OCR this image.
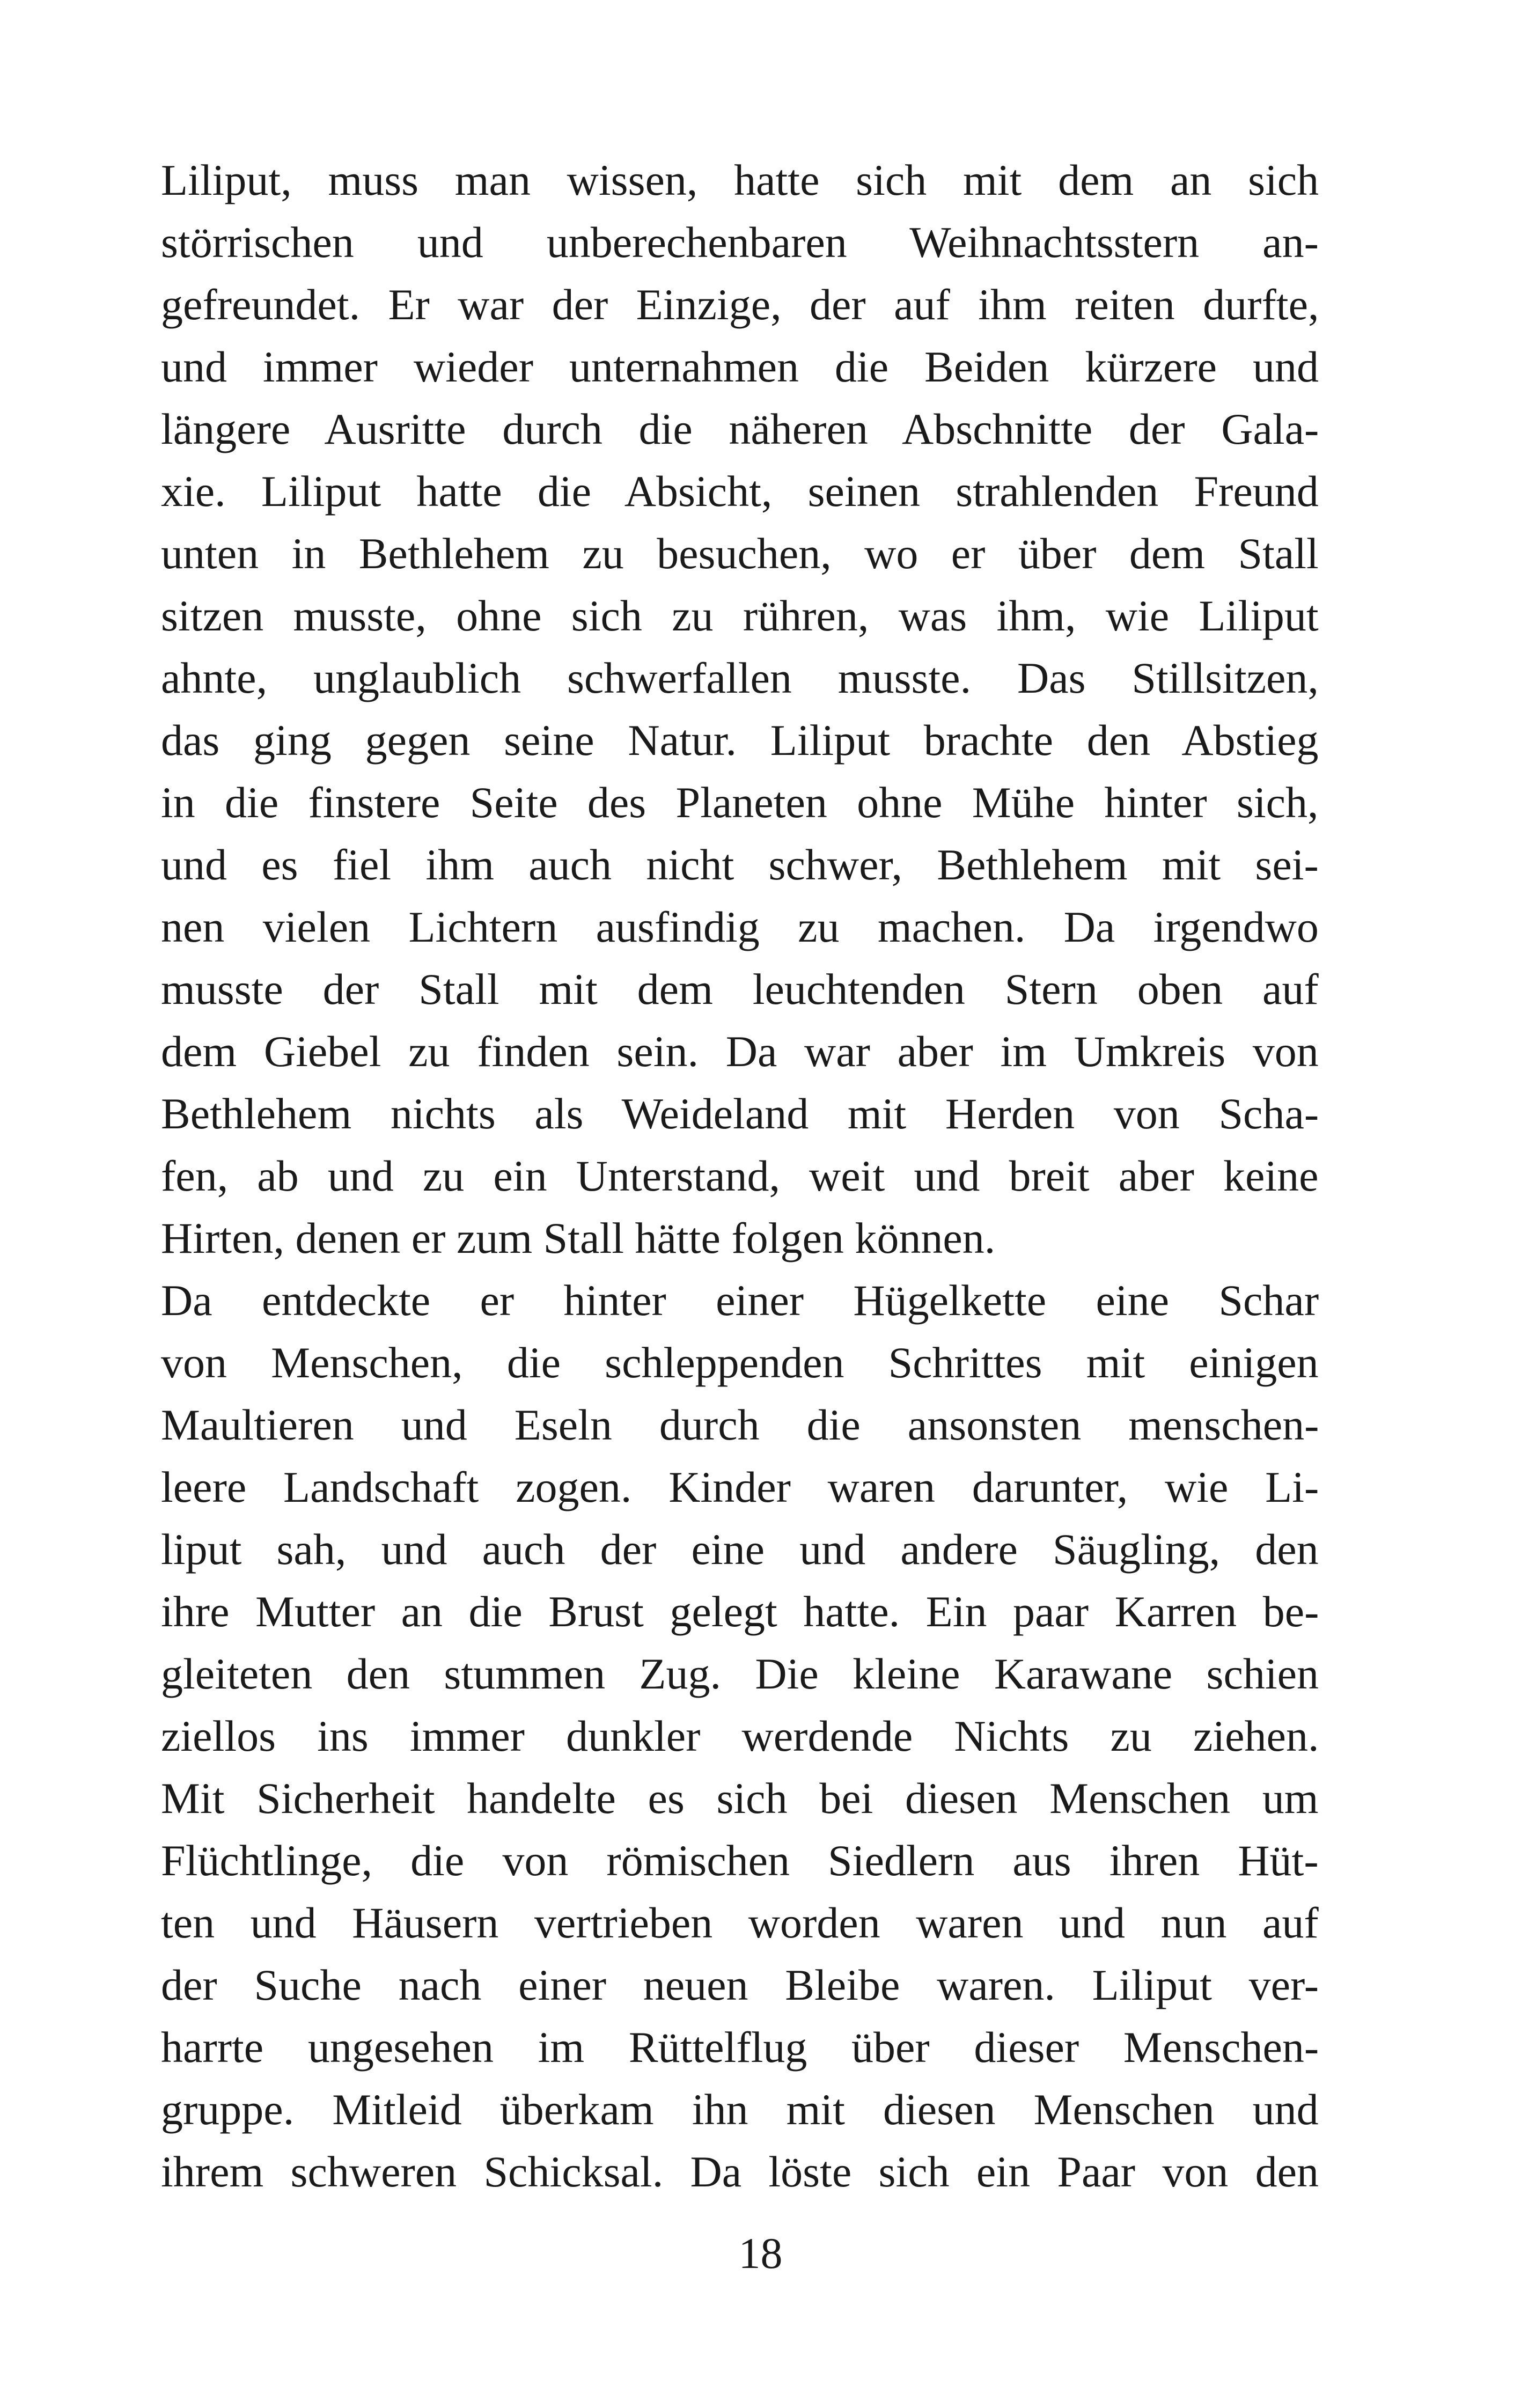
Liliput, muss man wissen, hatte sich mit dem an sich
störrischen und unberechenbaren Weihnachtsstern an-
gefreundet. Er war der Einzige, der auf ihm reiten durfte,
und immer wieder unternahmen die Beiden kürzere und
längere Ausritte durch die näheren Abschnitte der Gala-
xie. Liliput hatte die Absicht, seinen strahlenden Freund
unten in Bethlehem zu besuchen, wo er über dem Stall
sitzen musste, ohne sich zu rühren, was ihm, wie Liliput
ahnte, unglaublich schwerfallen musste. Das Stillsitzen,
das ging gegen seine Natur. Liliput brachte den Abstieg
in die finstere Seite des Planeten ohne Mühe hinter sich,
und es fiel ihm auch nicht schwer, Bethlehem mit sei-
nen vielen Lichtern ausfindig zu machen. Da irgendwo
musste der Stall mit dem leuchtenden Stern oben auf
dem Giebel zu finden sein. Da war aber im Umkreis von
Bethlehem nichts als Weideland mit Herden von Scha-
fen, ab und zu ein Unterstand, weit und breit aber keine
Hirten, denen er zum Stall hätte folgen können.
Da entdeckte er hinter einer Hügelkette eine Schar
von Menschen, die schleppenden Schrittes mit einigen
Maultieren und Eseln durch die ansonsten menschen-
leere Landschaft zogen. Kinder waren darunter, wie Li-
liput sah, und auch der eine und andere Säugling, den
ihre Mutter an die Brust gelegt hatte. Ein paar Karren be-
gleiteten den stummen Zug. Die kleine Karawane schien
ziellos ins immer dunkler werdende Nichts zu ziehen.
Mit Sicherheit handelte es sich bei diesen Menschen um
Flüchtlinge, die von römischen Siedlern aus ihren Hüt-
ten und Häusern vertrieben worden waren und nun auf
der Suche nach einer neuen Bleibe waren. Liliput ver-
harrte ungesehen im Rüttelflug über dieser Menschen-
gruppe. Mitleid überkam ihn mit diesen Menschen und
ihrem schweren Schicksal. Da löste sich ein Paar von den
18
